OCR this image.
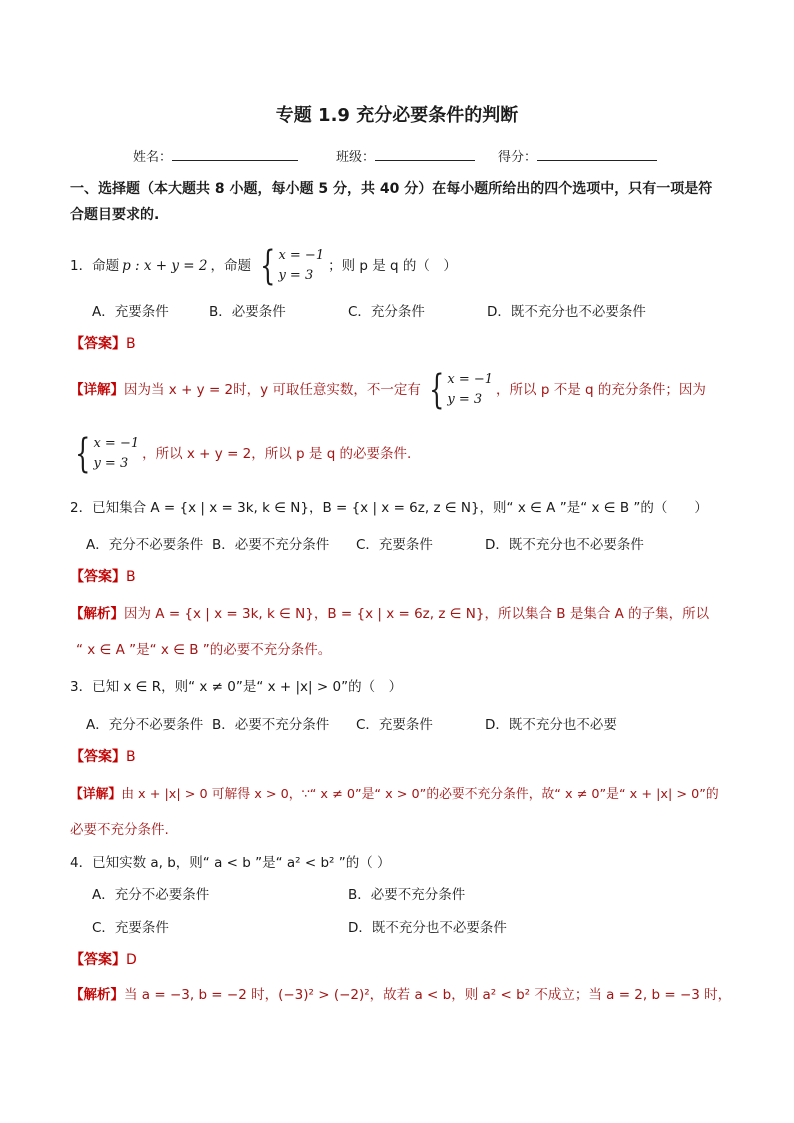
专题 1.9 充分必要条件的判断
姓名：	班级：	得分：
一、选择题（本大题共 8 小题，每小题 5 分，共 40 分）在每小题所给出的四个选项中，只有一项是符合题目要求的.
1．命题 p : x + y = 2 ，命题 { x = −1
y = 3
；则 p 是 q 的（　）
A．充要条件	B．必要条件	C．充分条件	D．既不充分也不必要条件
【答案】B
【详解】 因为当 x + y = 2时，y 可取任意实数，不一定有 { x = −1
y = 3
，所以 p 不是 q 的充分条件；因为
{ x = −1
y = 3
，所以 x + y = 2，所以 p 是 q 的必要条件.
2．已知集合 A = {x | x = 3k, k ∈ N}，B = {x | x = 6z, z ∈ N}，则“ x ∈ A ”是“ x ∈ B ”的（　　）
A．充分不必要条件 B．必要不充分条件 C．充要条件	D．既不充分也不必要条件
【答案】B
【解析】因为 A = {x | x = 3k, k ∈ N}，B = {x | x = 6z, z ∈ N}，所以集合 B 是集合 A 的子集，所以
“ x ∈ A ”是“ x ∈ B ”的必要不充分条件。
3．已知 x ∈ R，则“ x ≠ 0”是“ x + |x| > 0”的（　）
A．充分不必要条件 B．必要不充分条件 C．充要条件	D．既不充分也不必要
【答案】B
【详解】由 x + |x| > 0 可解得 x > 0，∵“ x ≠ 0”是“ x > 0”的必要不充分条件，故“ x ≠ 0”是“ x + |x| > 0”的
必要不充分条件.
4．已知实数 a, b，则“ a < b ”是“ a² < b² ”的（ ）
A．充分不必要条件	B．必要不充分条件
C．充要条件	D．既不充分也不必要条件
【答案】D
【解析】当 a = −3, b = −2 时，(−3)² > (−2)²，故若 a < b，则 a² < b² 不成立；当 a = 2, b = −3 时，
